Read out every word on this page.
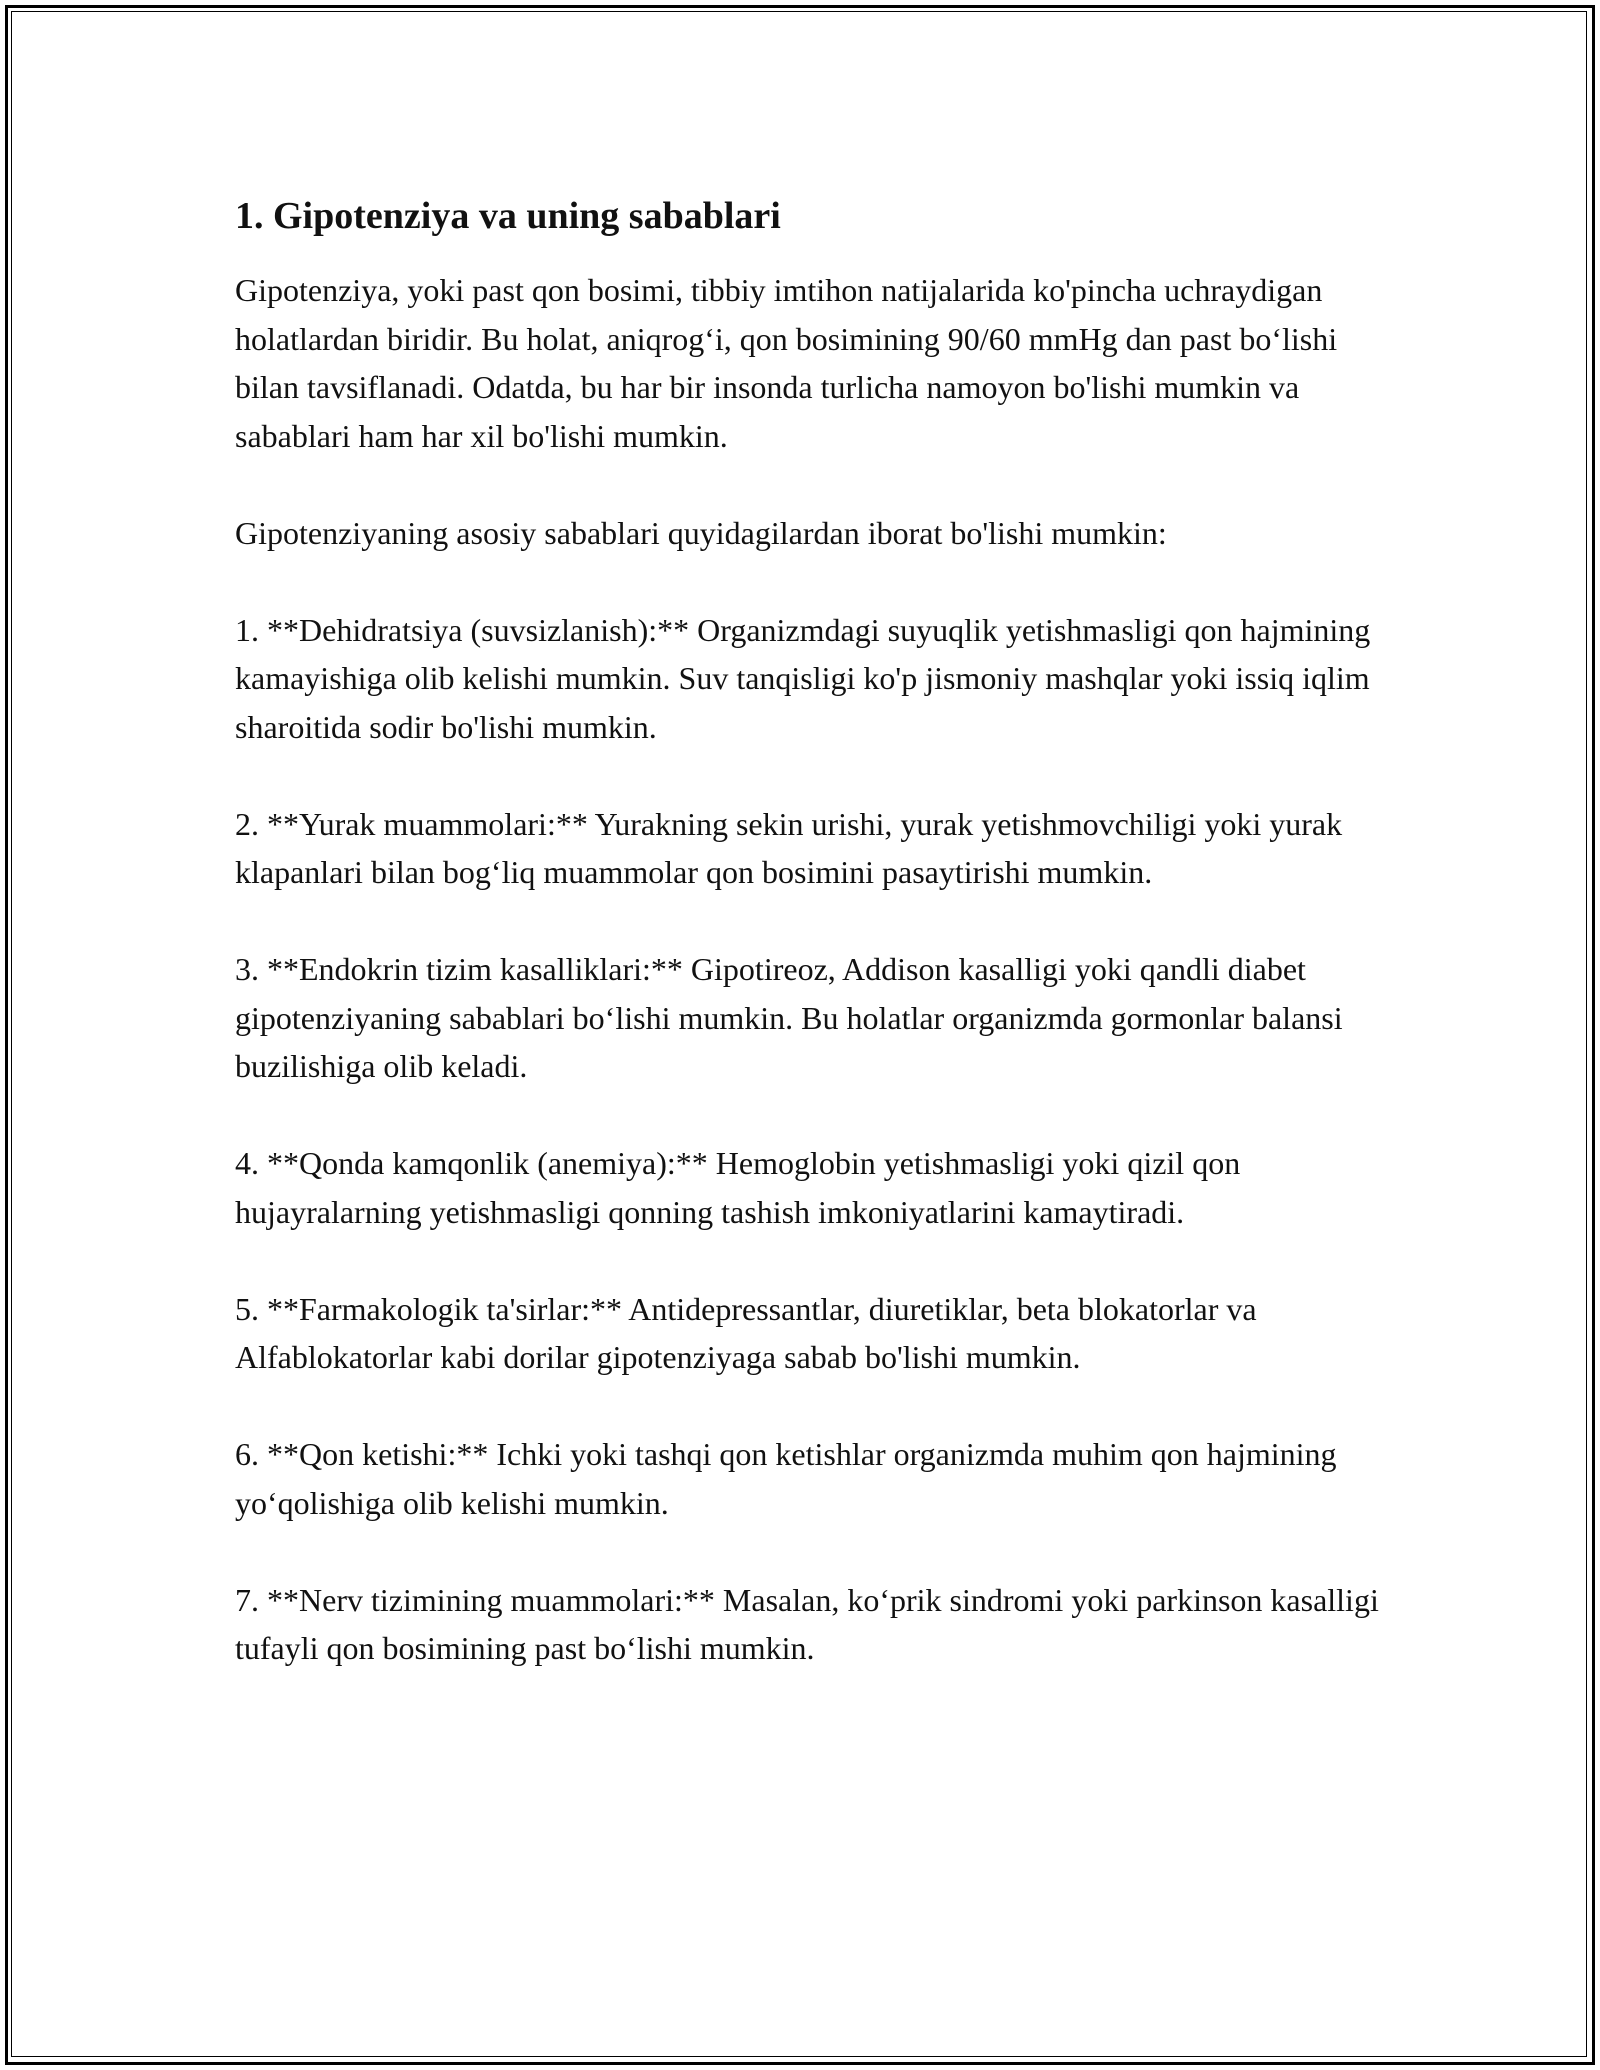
1. Gipotenziya va uning sabablari

Gipotenziya, yoki past qon bosimi, tibbiy imtihon natijalarida ko'pincha uchraydigan holatlardan biridir. Bu holat, aniqrog‘i, qon bosimining 90/60 mmHg dan past bo‘lishi bilan tavsiflanadi. Odatda, bu har bir insonda turlicha namoyon bo'lishi mumkin va sabablari ham har xil bo'lishi mumkin.

Gipotenziyaning asosiy sabablari quyidagilardan iborat bo'lishi mumkin:

1. **Dehidratsiya (suvsizlanish):** Organizmdagi suyuqlik yetishmasligi qon hajmining kamayishiga olib kelishi mumkin. Suv tanqisligi ko'p jismoniy mashqlar yoki issiq iqlim sharoitida sodir bo'lishi mumkin.

2. **Yurak muammolari:** Yurakning sekin urishi, yurak yetishmovchiligi yoki yurak klapanlari bilan bog‘liq muammolar qon bosimini pasaytirishi mumkin.

3. **Endokrin tizim kasalliklari:** Gipotireoz, Addison kasalligi yoki qandli diabet gipotenziyaning sabablari bo‘lishi mumkin. Bu holatlar organizmda gormonlar balansi buzilishiga olib keladi.

4. **Qonda kamqonlik (anemiya):** Hemoglobin yetishmasligi yoki qizil qon hujayralarning yetishmasligi qonning tashish imkoniyatlarini kamaytiradi.

5. **Farmakologik ta'sirlar:** Antidepressantlar, diuretiklar, beta blokatorlar va Alfablokatorlar kabi dorilar gipotenziyaga sabab bo'lishi mumkin.

6. **Qon ketishi:** Ichki yoki tashqi qon ketishlar organizmda muhim qon hajmining yo‘qolishiga olib kelishi mumkin.

7. **Nerv tizimining muammolari:** Masalan, ko‘prik sindromi yoki parkinson kasalligi tufayli qon bosimining past bo‘lishi mumkin.
